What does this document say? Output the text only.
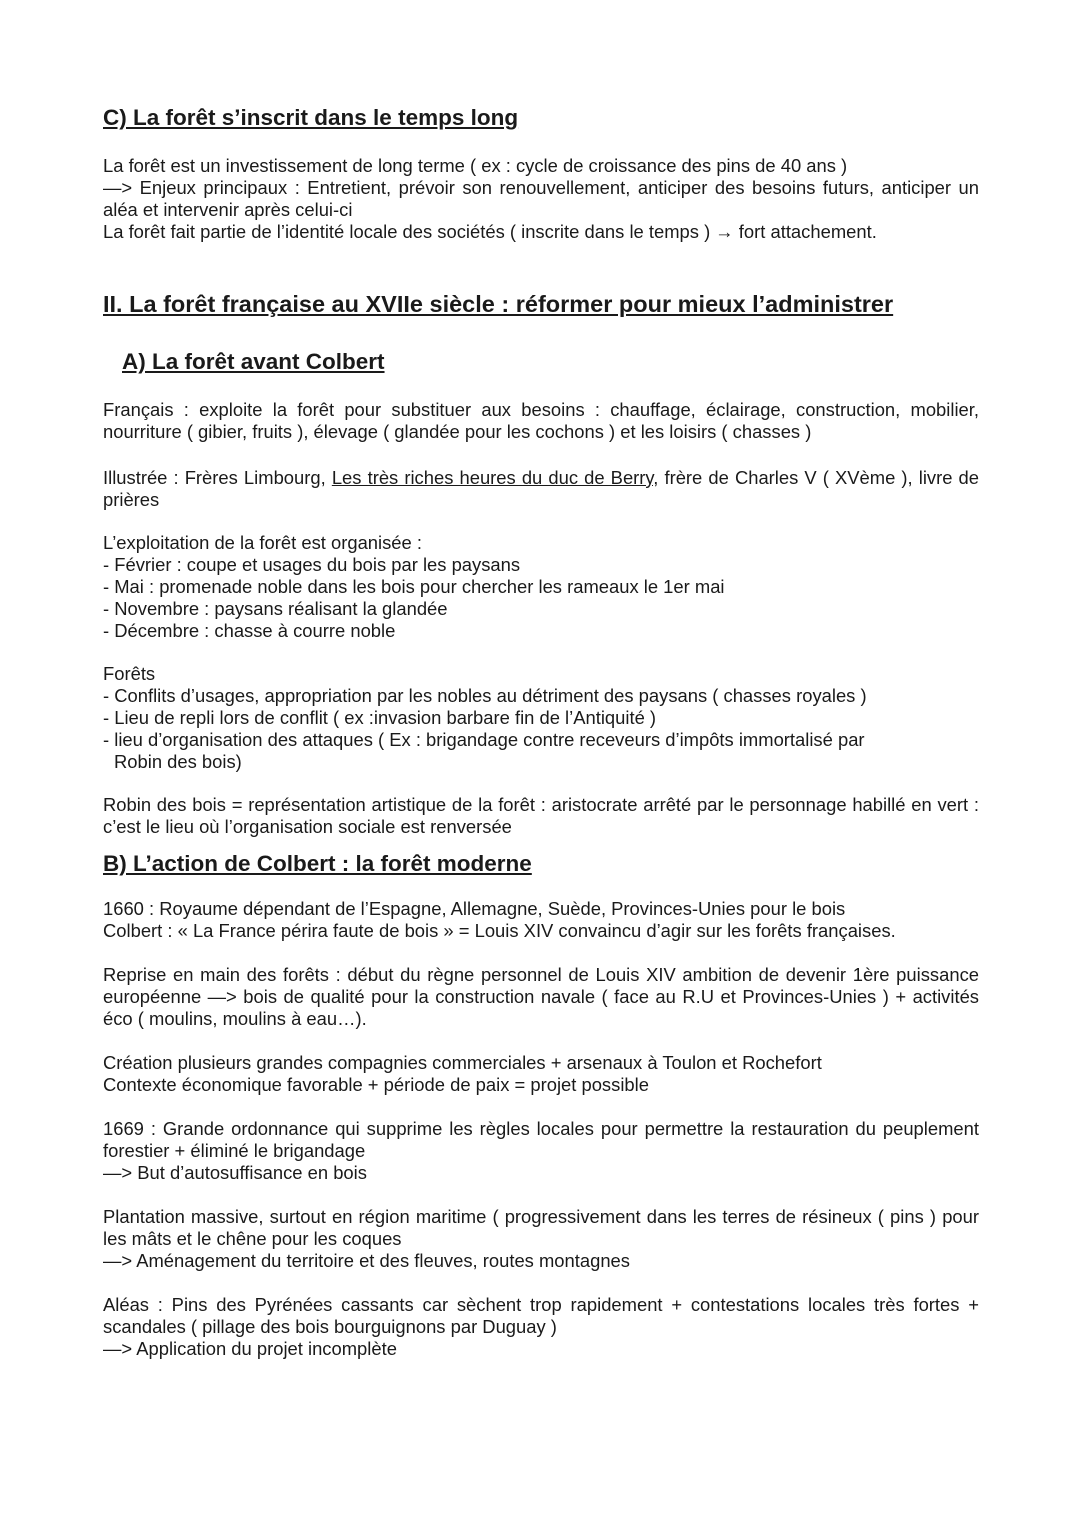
C) La forêt s’inscrit dans le temps long

La forêt est un investissement de long terme ( ex : cycle de croissance des pins de 40 ans )

—> Enjeux principaux : Entretient, prévoir son renouvellement, anticiper des besoins futurs, anticiper un aléa et intervenir après celui-ci

La forêt fait partie de l’identité locale des sociétés ( inscrite dans le temps ) → fort attachement.

II. La forêt française au XVIIe siècle : réformer pour mieux l’administrer
A) La forêt avant Colbert

Français : exploite la forêt pour substituer aux besoins : chauffage, éclairage, construction, mobilier, nourriture ( gibier, fruits ), élevage ( glandée pour les cochons ) et les loisirs ( chasses )

Illustrée : Frères Limbourg, Les très riches heures du duc de Berry, frère de Charles V ( XVème ), livre de prières

L’exploitation de la forêt est organisée :

- Février : coupe et usages du bois par les paysans
- Mai : promenade noble dans les bois pour chercher les rameaux le 1er mai
- Novembre : paysans réalisant la glandée
- Décembre : chasse à courre noble

Forêts

- Conflits d’usages, appropriation par les nobles au détriment des paysans ( chasses royales )
- Lieu de repli lors de conflit ( ex :invasion barbare fin de l’Antiquité )
- lieu d’organisation des attaques ( Ex : brigandage contre receveurs d’impôts immortalisé par
Robin des bois)

Robin des bois = représentation artistique de la forêt : aristocrate arrêté par le personnage habillé en vert : c’est le lieu où l’organisation sociale est renversée

B) L’action de Colbert : la forêt moderne

1660 : Royaume dépendant de l’Espagne, Allemagne, Suède, Provinces-Unies pour le bois

Colbert : « La France périra faute de bois » = Louis XIV convaincu d’agir sur les forêts françaises.

Reprise en main des forêts : début du règne personnel de Louis XIV ambition de devenir 1ère puissance européenne —> bois de qualité pour la construction navale ( face au R.U et Provinces-Unies ) + activités éco ( moulins, moulins à eau…).

Création plusieurs grandes compagnies commerciales + arsenaux à Toulon et Rochefort

Contexte économique favorable + période de paix = projet possible

1669 : Grande ordonnance qui supprime les règles locales pour permettre la restauration du peuplement forestier + éliminé le brigandage

—> But d’autosuffisance en bois

Plantation massive, surtout en région maritime ( progressivement dans les terres de résineux ( pins ) pour les mâts et le chêne pour les coques

—> Aménagement du territoire et des fleuves, routes montagnes

Aléas : Pins des Pyrénées cassants car sèchent trop rapidement + contestations locales très fortes + scandales ( pillage des bois bourguignons par Duguay )

—> Application du projet incomplète
